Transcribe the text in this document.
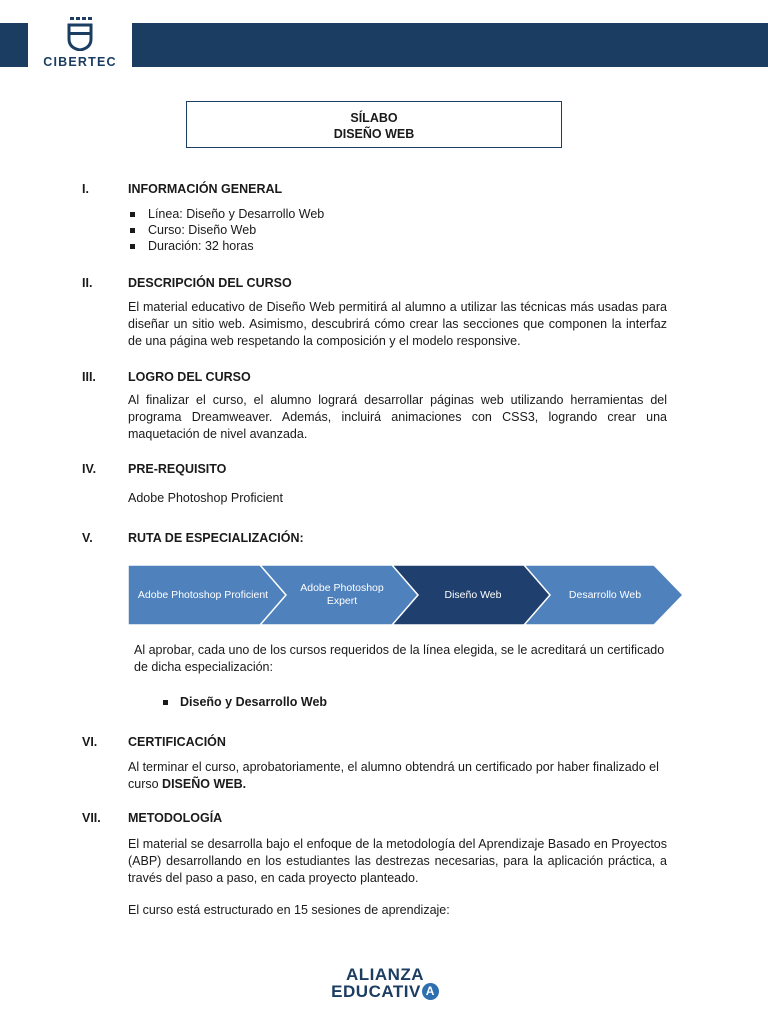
CIBERTEC
SÍLABO
DISEÑO WEB
I.	INFORMACIÓN GENERAL
Línea: Diseño y Desarrollo Web
Curso: Diseño Web
Duración: 32 horas
II.	DESCRIPCIÓN DEL CURSO
El material educativo de Diseño Web permitirá al alumno a utilizar las técnicas más usadas para diseñar un sitio web. Asimismo, descubrirá cómo crear las secciones que componen la interfaz de una página web respetando la composición y el modelo responsive.
III.	LOGRO DEL CURSO
Al finalizar el curso, el alumno logrará desarrollar páginas web utilizando herramientas del programa Dreamweaver. Además, incluirá animaciones con CSS3, logrando crear una maquetación de nivel avanzada.
IV.	PRE-REQUISITO
Adobe Photoshop Proficient
V.	RUTA DE ESPECIALIZACIÓN:
Adobe Photoshop Proficient
Adobe Photoshop Expert
Diseño Web	Desarrollo Web
Al aprobar, cada uno de los cursos requeridos de la línea elegida, se le acreditará un certificado de dicha especialización:
Diseño y Desarrollo Web
VI. CERTIFICACIÓN
Al terminar el curso, aprobatoriamente, el alumno obtendrá un certificado por haber finalizado el curso DISEÑO WEB.
VII. METODOLOGÍA
El material se desarrolla bajo el enfoque de la metodología del Aprendizaje Basado en Proyectos (ABP) desarrollando en los estudiantes las destrezas necesarias, para la aplicación práctica, a través del paso a paso, en cada proyecto planteado.
El curso está estructurado en 15 sesiones de aprendizaje:
ALIANZA
EDUCATIV A
